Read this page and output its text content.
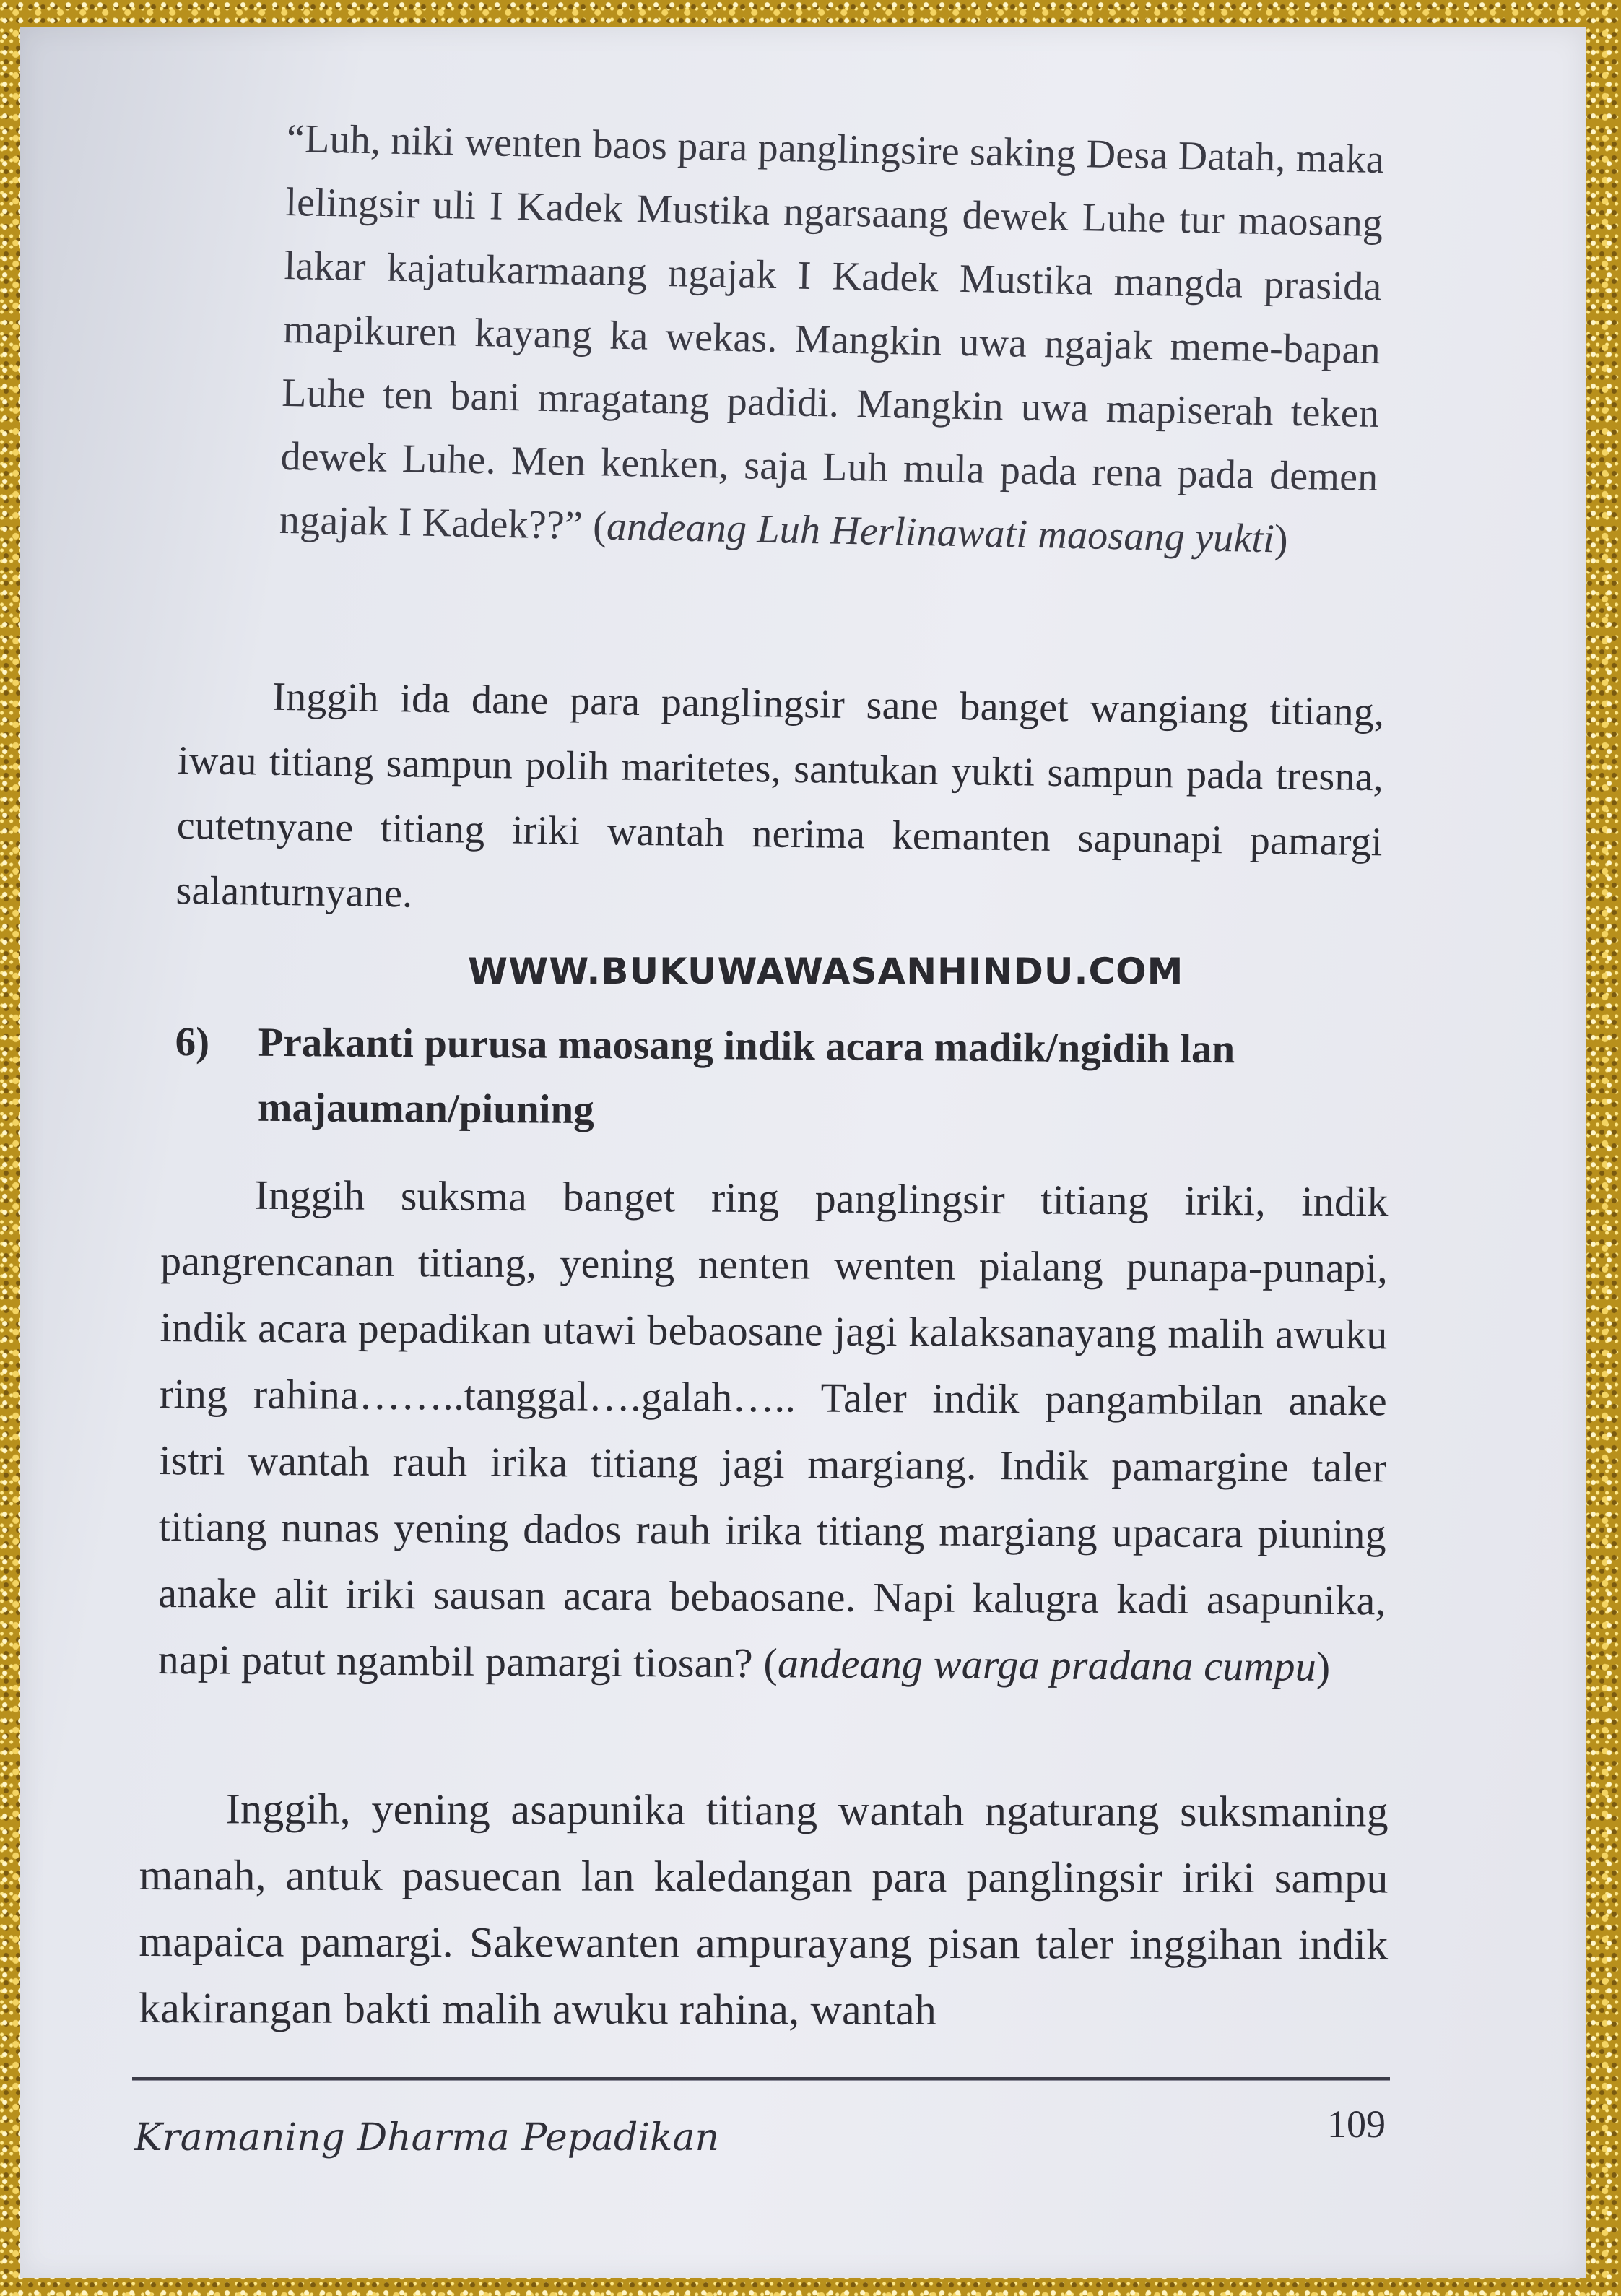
“Luh, niki wenten baos para panglingsire saking Desa Datah, maka lelingsir uli I Kadek Mustika ngarsaang dewek Luhe tur maosang lakar kajatukarmaang ngajak I Kadek Mustika mangda prasida mapikuren kayang ka wekas. Mangkin uwa ngajak meme-bapan Luhe ten bani mragatang padidi. Mangkin uwa mapiserah teken dewek Luhe. Men kenken, saja Luh mula pada rena pada demen ngajak I Kadek??” (andeang Luh Herlinawati maosang yukti)
Inggih ida dane para panglingsir sane banget wangiang titiang, iwau titiang sampun polih maritetes, santukan yukti sampun pada tresna, cutetnyane titiang iriki wantah nerima kemanten sapunapi pamargi salanturnyane.
WWW.BUKUWAWASANHINDU.COM
6) Prakanti purusa maosang indik acara madik/ngidih lan majauman/piuning
Inggih suksma banget ring panglingsir titiang iriki, indik pangrencanan titiang, yening nenten wenten pialang punapa-punapi, indik acara pepadikan utawi bebaosane jagi kalaksanayang malih awuku ring rahina……..tanggal….galah….. Taler indik pangambilan anake istri wantah rauh irika titiang jagi margiang. Indik pamargine taler titiang nunas yening dados rauh irika titiang margiang upacara piuning anake alit iriki sausan acara bebaosane. Napi kalugra kadi asapunika, napi patut ngambil pamargi tiosan? (andeang warga pradana cumpu)
Inggih, yening asapunika titiang wantah ngaturang suksmaning manah, antuk pasuecan lan kaledangan para panglingsir iriki sampu mapaica pamargi. Sakewanten ampurayang pisan taler inggihan indik kakirangan bakti malih awuku rahina, wantah
Kramaning Dharma Pepadikan	109
